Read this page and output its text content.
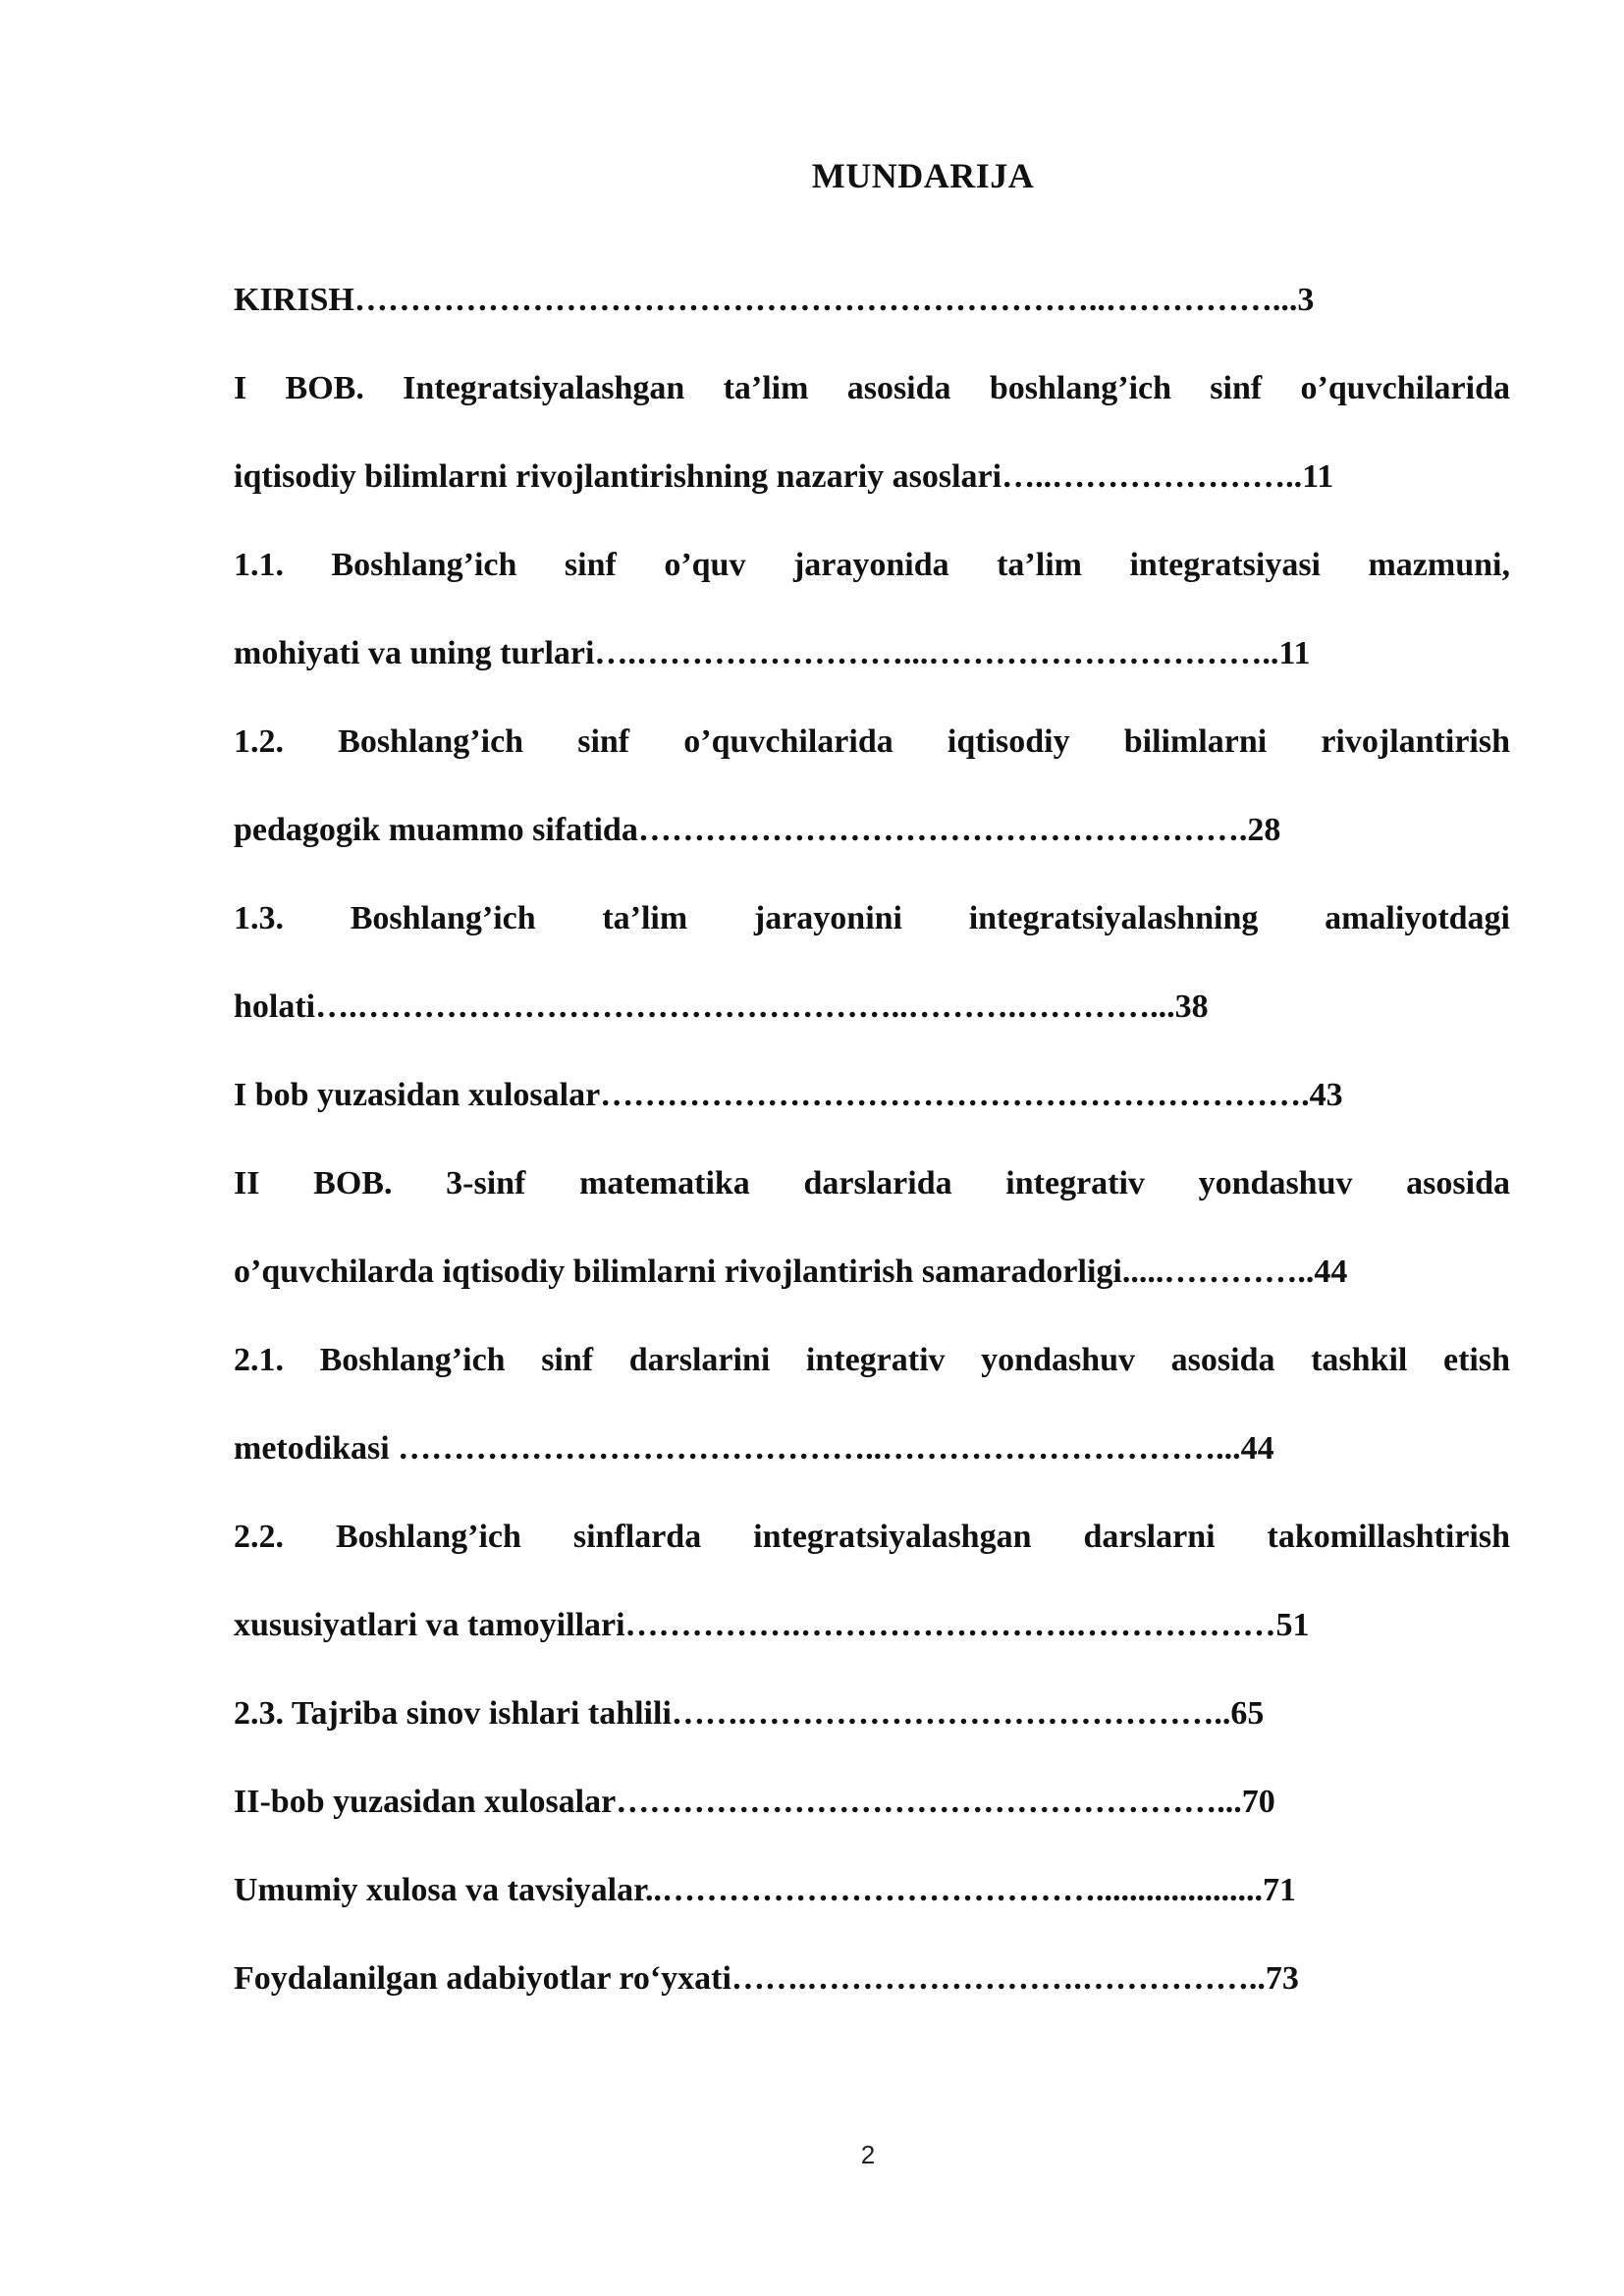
MUNDARIJA
KIRISH…………………………………………………………..……………...3
I BOB. Integratsiyalashgan ta’lim asosida boshlang’ich sinf o’quvchilarida
iqtisodiy bilimlarni rivojlantirishning nazariy asoslari…..…………………..11
1.1. Boshlang’ich sinf o’quv jarayonida ta’lim integratsiyasi mazmuni,
mohiyati va uning turlari….……………………...…………………………..11
1.2. Boshlang’ich sinf o’quvchilarida iqtisodiy bilimlarni rivojlantirish
pedagogik muammo sifatida……………………………………………….28
1.3. Boshlang’ich ta’lim jarayonini integratsiyalashning amaliyotdagi
holati….…………………………………………..……….…………...38
I bob yuzasidan xulosalar……………………………………………………….43
II BOB. 3-sinf matematika darslarida integrativ yondashuv asosida
o’quvchilarda iqtisodiy bilimlarni rivojlantirish samaradorligi.....…………..44
2.1. Boshlang’ich sinf darslarini integrativ yondashuv asosida tashkil etish
metodikasi ……………………………………..…………………………...44
2.2. Boshlang’ich sinflarda integratsiyalashgan darslarni takomillashtirish
xususiyatlari va tamoyillari…………….…………………….………………51
2.3. Tajriba sinov ishlari tahlili…….……………………………………..65
II-bob yuzasidan xulosalar………………………………………………...70
Umumiy xulosa va tavsiyalar..…………………………………....................71
Foydalanilgan adabiyotlar ro‘yxati…….…………………….……………..73
2
